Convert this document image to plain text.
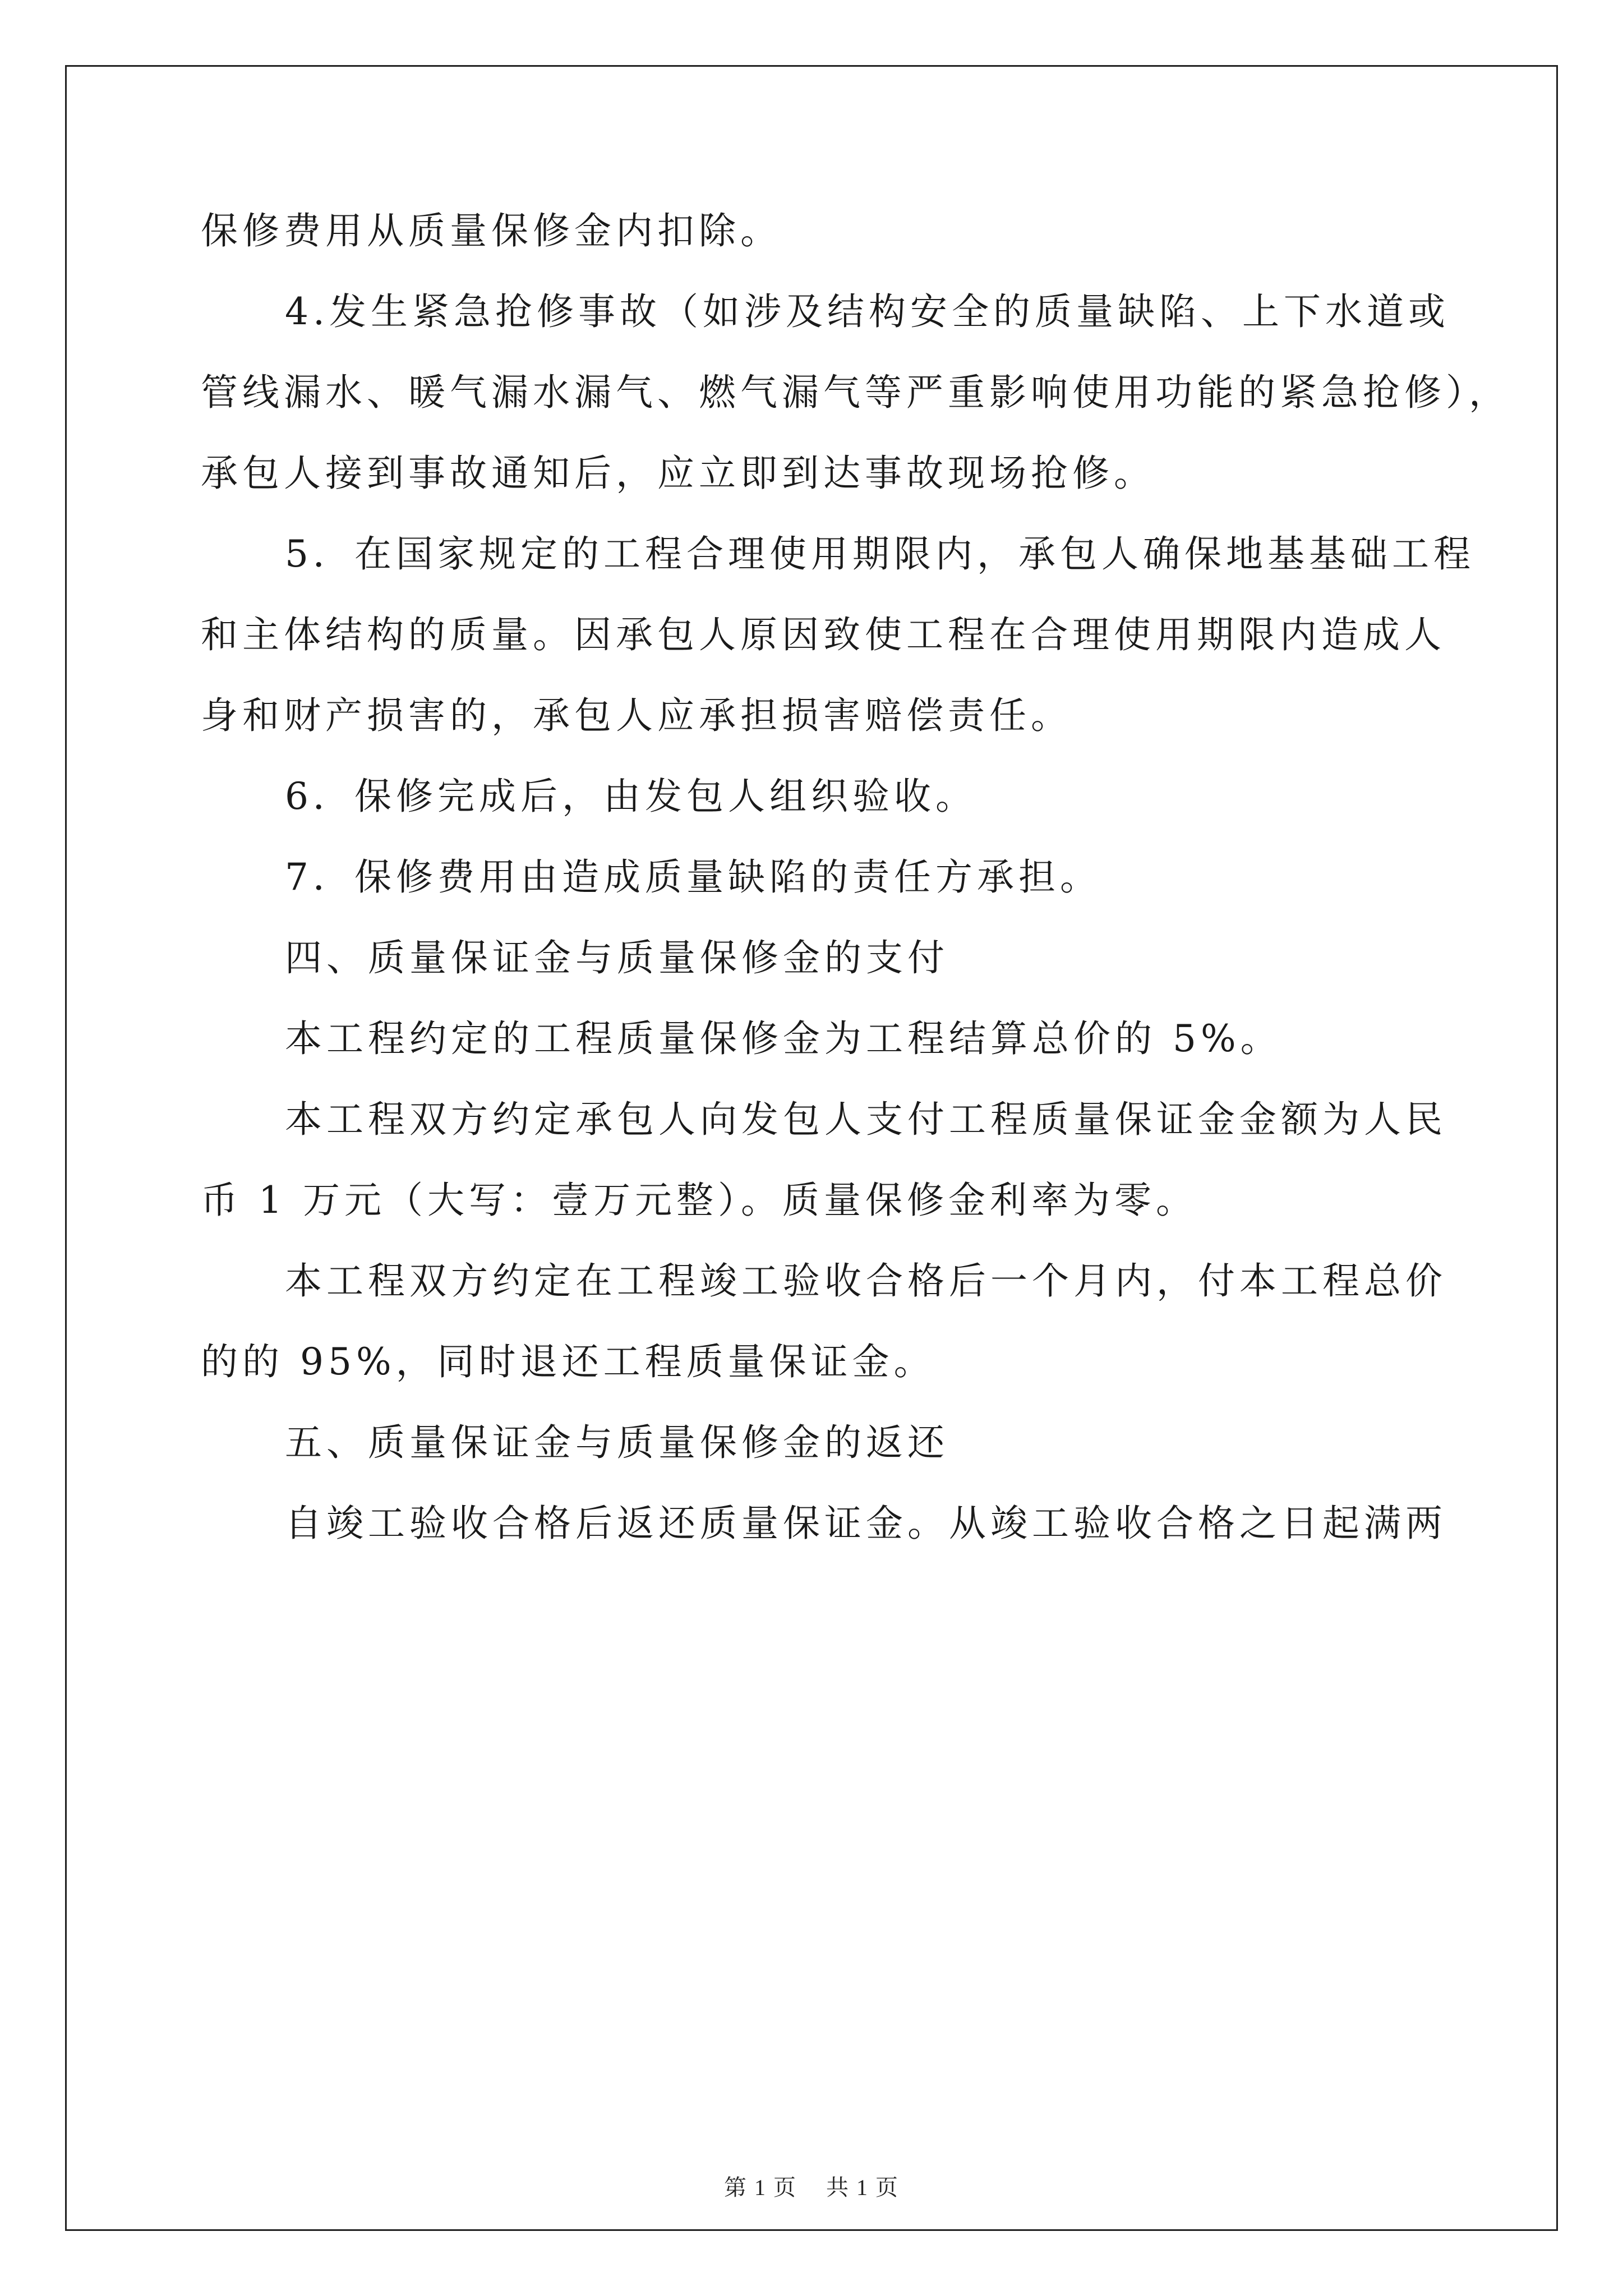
保修费用从质量保修金内扣除。

4.发生紧急抢修事故（如涉及结构安全的质量缺陷、上下水道或

管线漏水、暖气漏水漏气、燃气漏气等严重影响使用功能的紧急抢修），

承包人接到事故通知后，应立即到达事故现场抢修。

5．在国家规定的工程合理使用期限内，承包人确保地基基础工程

和主体结构的质量。因承包人原因致使工程在合理使用期限内造成人

身和财产损害的，承包人应承担损害赔偿责任。

6．保修完成后，由发包人组织验收。

7．保修费用由造成质量缺陷的责任方承担。

四、质量保证金与质量保修金的支付

本工程约定的工程质量保修金为工程结算总价的 5%。

本工程双方约定承包人向发包人支付工程质量保证金金额为人民

币 1 万元（大写：壹万元整）。质量保修金利率为零。

本工程双方约定在工程竣工验收合格后一个月内，付本工程总价

的的 95%，同时退还工程质量保证金。

五、质量保证金与质量保修金的返还

自竣工验收合格后返还质量保证金。从竣工验收合格之日起满两

第 1 页 共 1 页
